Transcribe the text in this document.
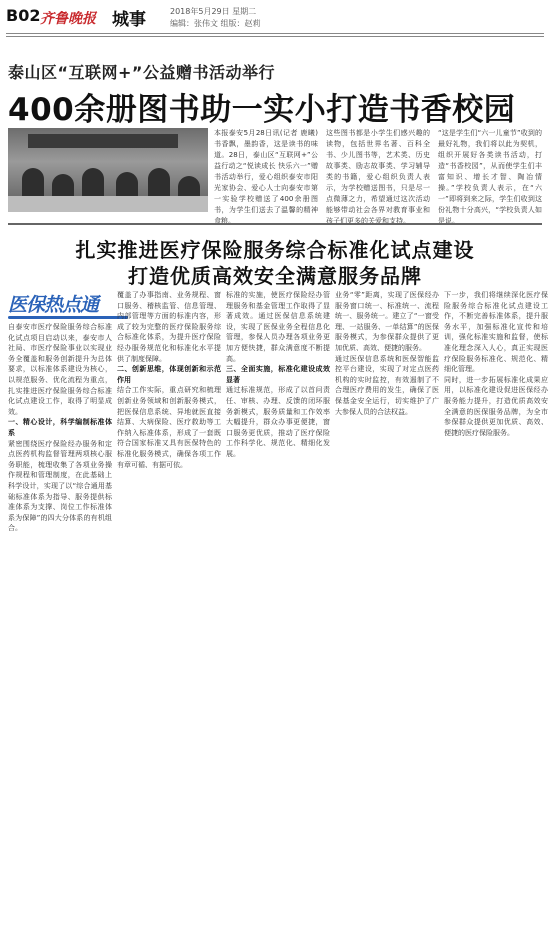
B02 齐鲁晚报 城事	2018年5月29日 星期二
编辑：张伟文 组版：赵莉
泰山区“互联网+”公益赠书活动举行
400余册图书助一实小打造书香校园
本报泰安5月28日讯(记者 鹿曦) 书香飘，墨韵香，这是读书的味道。28日，泰山区“互联网+”公益行动之“悦读成长 快乐六一”赠书活动举行，爱心组织泰安市阳光家协会、爱心人士向泰安市第一实验学校赠送了400余册图书，为学生们送去了温馨的精神食粮。
这些图书都是小学生们感兴趣的读物，包括世界名著、百科全书、少儿图书等，艺术类、历史故事类、励志故事类、学习辅导类的书籍，爱心组织负责人表示，为学校赠送图书，只是尽一点微薄之力，希望通过这次活动能够带动社会各界对教育事业和孩子们更多的关爱和支持。
“这是学生们“六一儿童节”收到的最好礼物，我们将以此为契机，组织开展好各类读书活动，打造“书香校园”，从而使学生们丰富知识、增长才智、陶冶情操。”学校负责人表示，在“六一”即将到来之际，学生们收到这份礼物十分高兴，“学校负责人如是说。
扎实推进医疗保险服务综合标准化试点建设
打造优质高效安全满意服务品牌
医保热点通
自泰安市医疗保险服务综合标准化试点项目启动以来，泰安市人社局、市医疗保险事业以实现业务全覆盖和服务创新提升为总体要求，以标准体系建设为核心，以规范服务、优化流程为重点，扎实推进医疗保险服务综合标准化试点建设工作，取得了明显成效。
一、精心设计，科学编制标准体系
紧密围绕医疗保险经办服务和定点医药机构监督管理两项核心服务职能，梳理收集了各项业务操作规程和管理制度，在此基础上科学设计，实现了以“综合通用基础标准体系为指导、服务提供标准体系为支撑、岗位工作标准体系为保障”的四大分体系的有机组合。
覆盖了办事指南、业务规程、窗口服务、稽核监管、信息管理、内部管理等方面的标准内容，形成了较为完整的医疗保险服务综合标准化体系，为提升医疗保险经办服务规范化和标准化水平提供了制度保障。
二、创新思维，体现创新和示范作用
结合工作实际，重点研究和梳理创新业务领域和创新服务模式，把医保信息系统、异地就医直接结算、大病保险、医疗救助等工作纳入标准体系，形成了一套既符合国家标准又具有医保特色的标准化服务模式，确保各项工作有章可循、有据可依。
标准的实施，使医疗保险经办管理服务和基金管理工作取得了显著成效。通过医保信息系统建设，实现了医保业务全程信息化管理，参保人员办理各项业务更加方便快捷，群众满意度不断提高。
三、全面实施，标准化建设成效显著
通过标准规范，形成了以首问责任、审核、办理、反馈的闭环服务新模式，服务质量和工作效率大幅提升，群众办事更便捷，窗口服务更优质，推动了医疗保险工作科学化、规范化、精细化发展。
业务“零”距离，实现了医保经办服务窗口统一、标准统一、流程统一、服务统一。建立了“一窗受理、一站服务、一单结算”的医保服务模式，为参保群众提供了更加优质、高效、便捷的服务。
通过医保信息系统和医保智能监控平台建设，实现了对定点医药机构的实时监控，有效遏制了不合理医疗费用的发生，确保了医保基金安全运行，切实维护了广大参保人员的合法权益。
下一步，我们将继续深化医疗保险服务综合标准化试点建设工作，不断完善标准体系，提升服务水平，加强标准化宣传和培训，强化标准实施和监督，使标准化理念深入人心，真正实现医疗保险服务标准化、规范化、精细化管理。
同时，进一步拓展标准化成果应用，以标准化建设促进医保经办服务能力提升，打造优质高效安全满意的医保服务品牌，为全市参保群众提供更加优质、高效、便捷的医疗保险服务。
